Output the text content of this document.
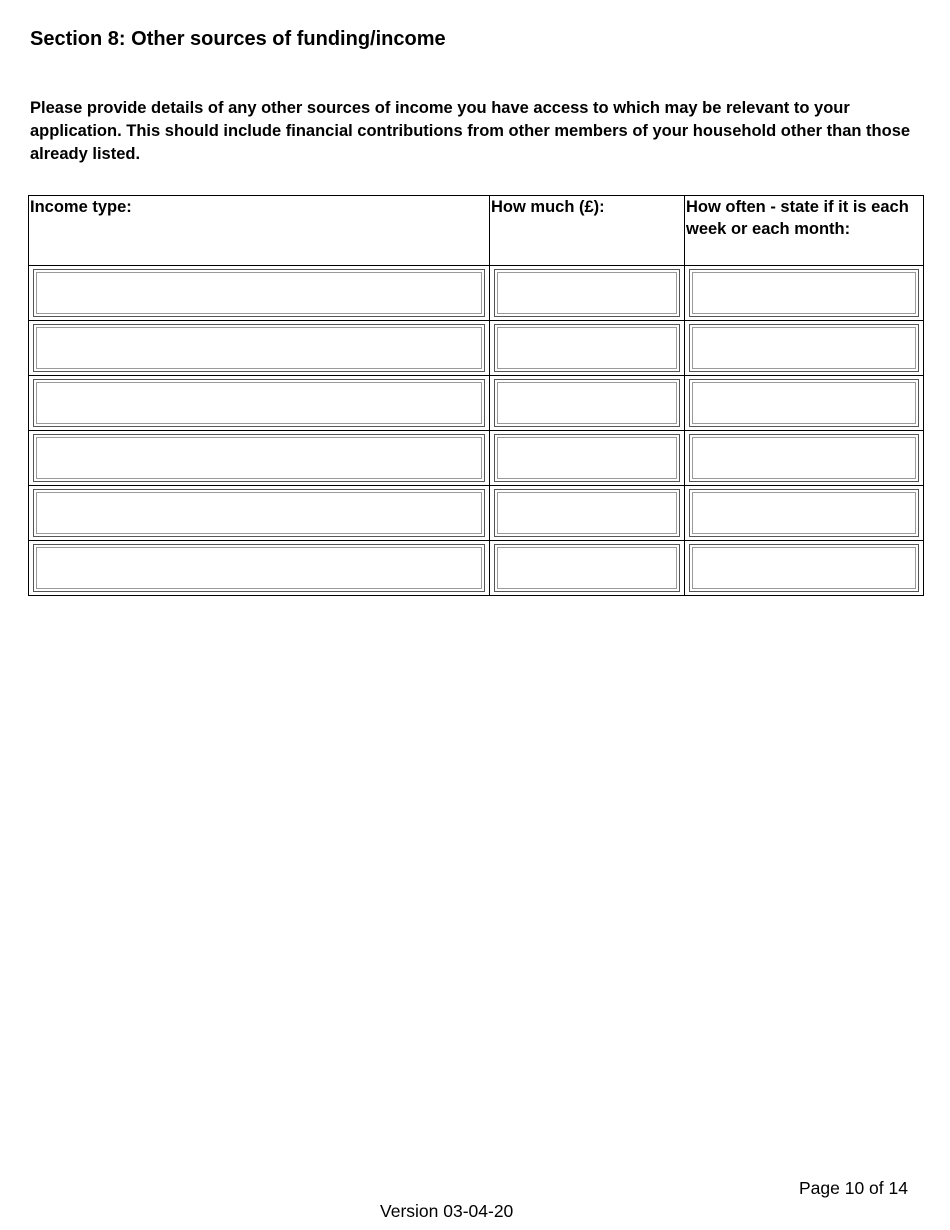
Section 8: Other sources of funding/income

Please provide details of any other sources of income you have access to which may be relevant to your application. This should include financial contributions from other members of your household other than those already listed.

Income type:	How much (£):	How often - state if it is each week or each month:

Page 10 of 14

Version 03-04-20
